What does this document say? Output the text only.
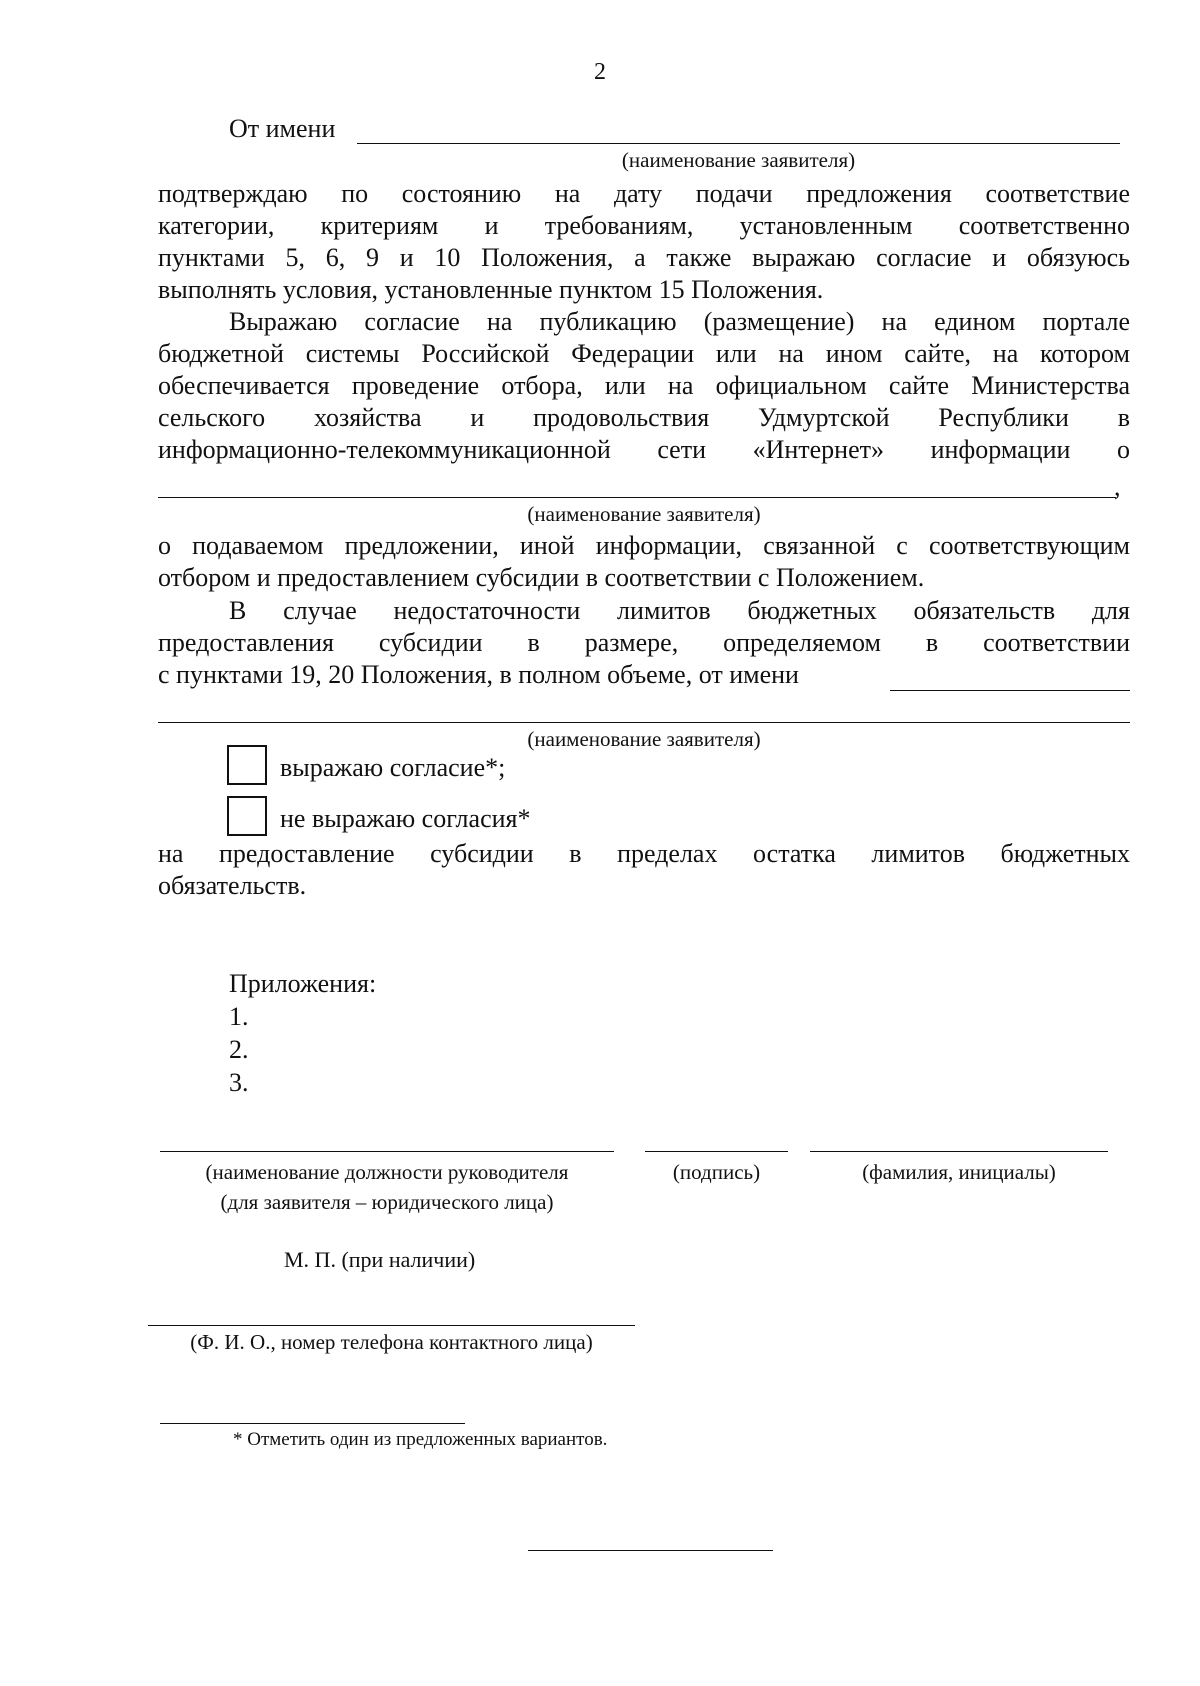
2
От имени
(наименование заявителя)
подтверждаю по состоянию на дату подачи предложения соответствие
категории, критериям и требованиям, установленным соответственно
пунктами 5, 6, 9 и 10 Положения, а также выражаю согласие и обязуюсь
выполнять условия, установленные пунктом 15 Положения.
Выражаю согласие на публикацию (размещение) на едином портале
бюджетной системы Российской Федерации или на ином сайте, на котором
обеспечивается проведение отбора, или на официальном сайте Министерства
сельского хозяйства и продовольствия Удмуртской Республики в
информационно-телекоммуникационной сети «Интернет» информации о
,
(наименование заявителя)
о подаваемом предложении, иной информации, связанной с соответствующим
отбором и предоставлением субсидии в соответствии с Положением.
В случае недостаточности лимитов бюджетных обязательств для
предоставления субсидии в размере, определяемом в соответствии
с пунктами 19, 20 Положения, в полном объеме, от имени
(наименование заявителя)
выражаю согласие*;
не выражаю согласия*
на предоставление субсидии в пределах остатка лимитов бюджетных
обязательств.
Приложения:
1.
2.
3.
(наименование должности руководителя
(для заявителя – юридического лица)
(подпись)	(фамилия, инициалы)
М. П. (при наличии)
(Ф. И. О., номер телефона контактного лица)
* Отметить один из предложенных вариантов.
